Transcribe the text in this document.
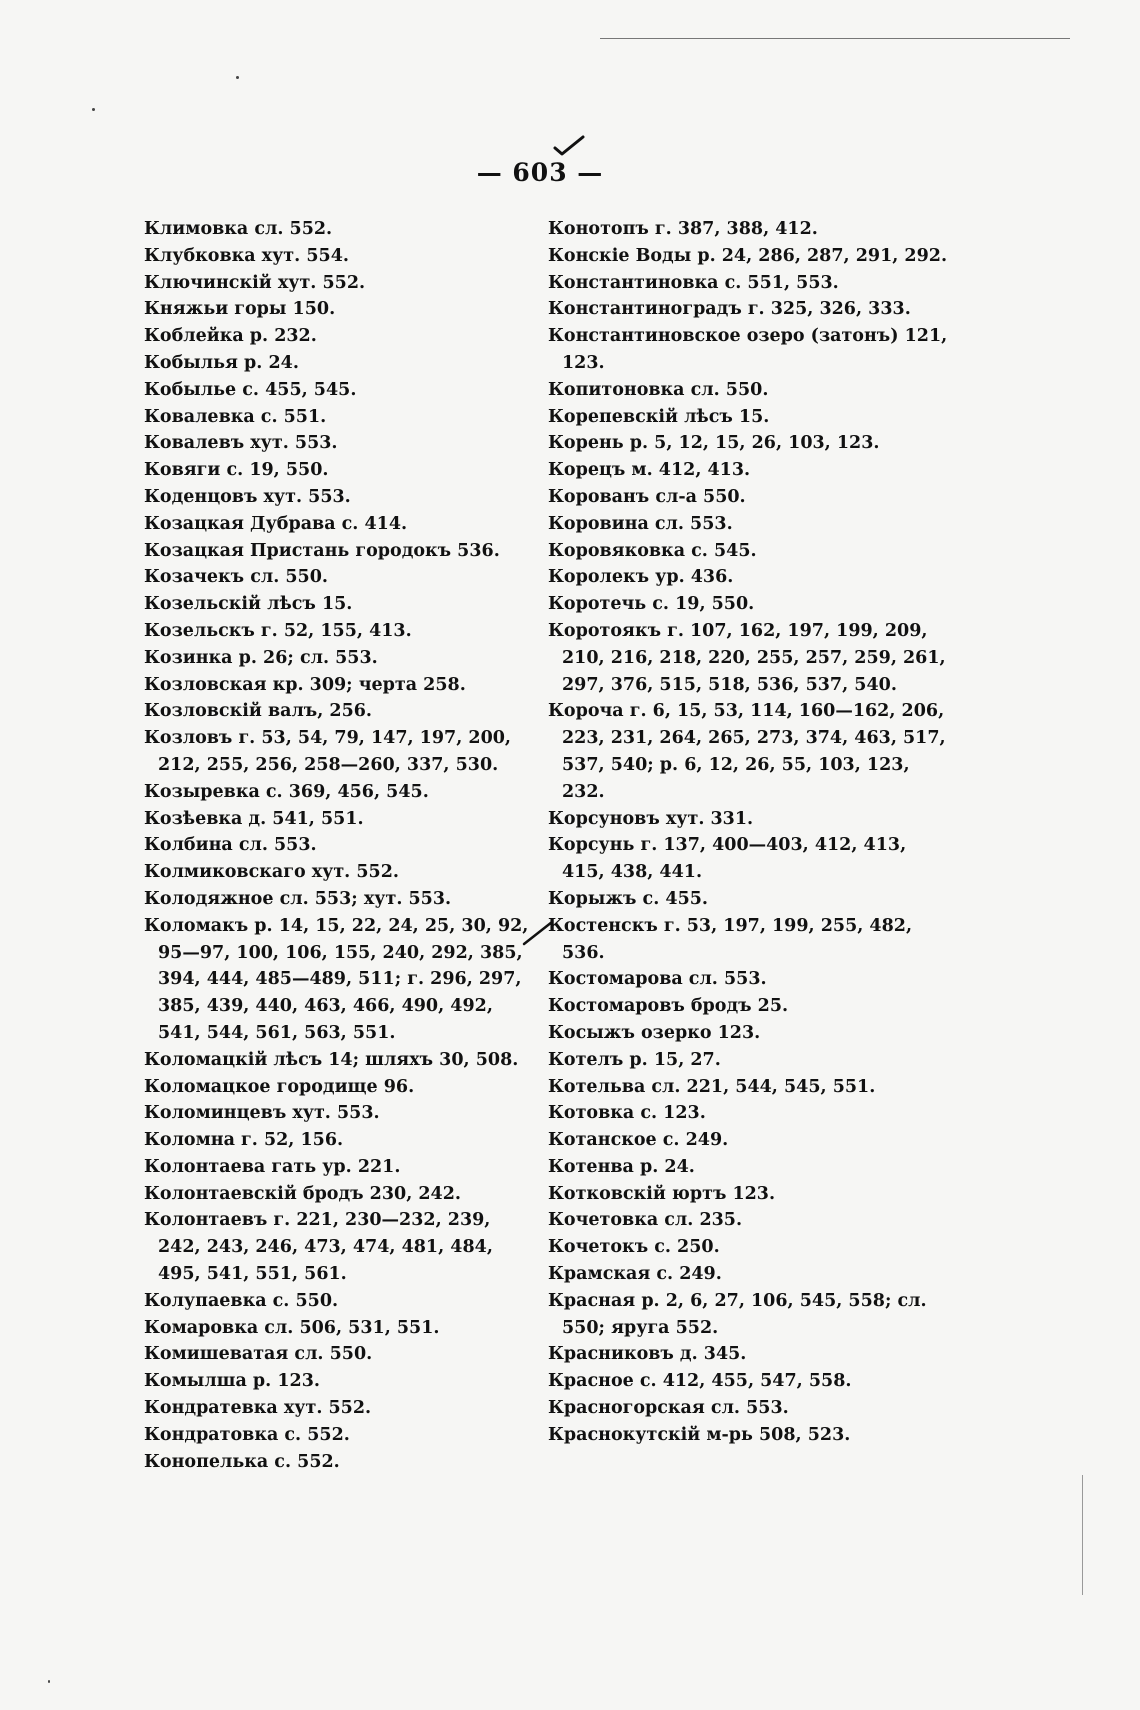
— 603 —
Климовка сл. 552.
Клубковка хут. 554.
Ключинскій хут. 552.
Княжьи горы 150.
Коблейка р. 232.
Кобылья р. 24.
Кобылье с. 455, 545.
Ковалевка с. 551.
Ковалевъ хут. 553.
Ковяги с. 19, 550.
Коденцовъ хут. 553.
Козацкая Дубрава с. 414.
Козацкая Пристань городокъ 536.
Козачекъ сл. 550.
Козельскій лѣсъ 15.
Козельскъ г. 52, 155, 413.
Козинка р. 26; сл. 553.
Козловская кр. 309; черта 258.
Козловскій валъ, 256.
Козловъ г. 53, 54, 79, 147, 197, 200, 212, 255, 256, 258—260, 337, 530.
Козыревка с. 369, 456, 545.
Козѣевка д. 541, 551.
Колбина сл. 553.
Колмиковскаго хут. 552.
Колодяжное сл. 553; хут. 553.
Коломакъ р. 14, 15, 22, 24, 25, 30, 92, 95—97, 100, 106, 155, 240, 292, 385, 394, 444, 485—489, 511; г. 296, 297, 385, 439, 440, 463, 466, 490, 492, 541, 544, 561, 563, 551.
Коломацкій лѣсъ 14; шляхъ 30, 508.
Коломацкое городище 96.
Коломинцевъ хут. 553.
Коломна г. 52, 156.
Колонтаева гать ур. 221.
Колонтаевскій бродъ 230, 242.
Колонтаевъ г. 221, 230—232, 239, 242, 243, 246, 473, 474, 481, 484, 495, 541, 551, 561.
Колупаевка с. 550.
Комаровка сл. 506, 531, 551.
Комишеватая сл. 550.
Комылша р. 123.
Кондратевка хут. 552.
Кондратовка с. 552.
Конопелька с. 552.
Конотопъ г. 387, 388, 412.
Конскіе Воды р. 24, 286, 287, 291, 292.
Константиновка с. 551, 553.
Константиноградъ г. 325, 326, 333.
Константиновское озеро (затонъ) 121, 123.
Копитоновка сл. 550.
Корепевскій лѣсъ 15.
Корень р. 5, 12, 15, 26, 103, 123.
Корецъ м. 412, 413.
Корованъ сл-а 550.
Коровина сл. 553.
Коровяковка с. 545.
Королекъ ур. 436.
Коротечь с. 19, 550.
Коротоякъ г. 107, 162, 197, 199, 209, 210, 216, 218, 220, 255, 257, 259, 261, 297, 376, 515, 518, 536, 537, 540.
Короча г. 6, 15, 53, 114, 160—162, 206, 223, 231, 264, 265, 273, 374, 463, 517, 537, 540; р. 6, 12, 26, 55, 103, 123, 232.
Корсуновъ хут. 331.
Корсунь г. 137, 400—403, 412, 413, 415, 438, 441.
Корыжъ с. 455.
Костенскъ г. 53, 197, 199, 255, 482, 536.
Костомарова сл. 553.
Костомаровъ бродъ 25.
Косыжъ озерко 123.
Котелъ р. 15, 27.
Котельва сл. 221, 544, 545, 551.
Котовка с. 123.
Котанское с. 249.
Котенва р. 24.
Котковскій юртъ 123.
Кочетовка сл. 235.
Кочетокъ с. 250.
Крамская с. 249.
Красная р. 2, 6, 27, 106, 545, 558; сл. 550; яруга 552.
Красниковъ д. 345.
Красное с. 412, 455, 547, 558.
Красногорская сл. 553.
Краснокутскій м-рь 508, 523.
